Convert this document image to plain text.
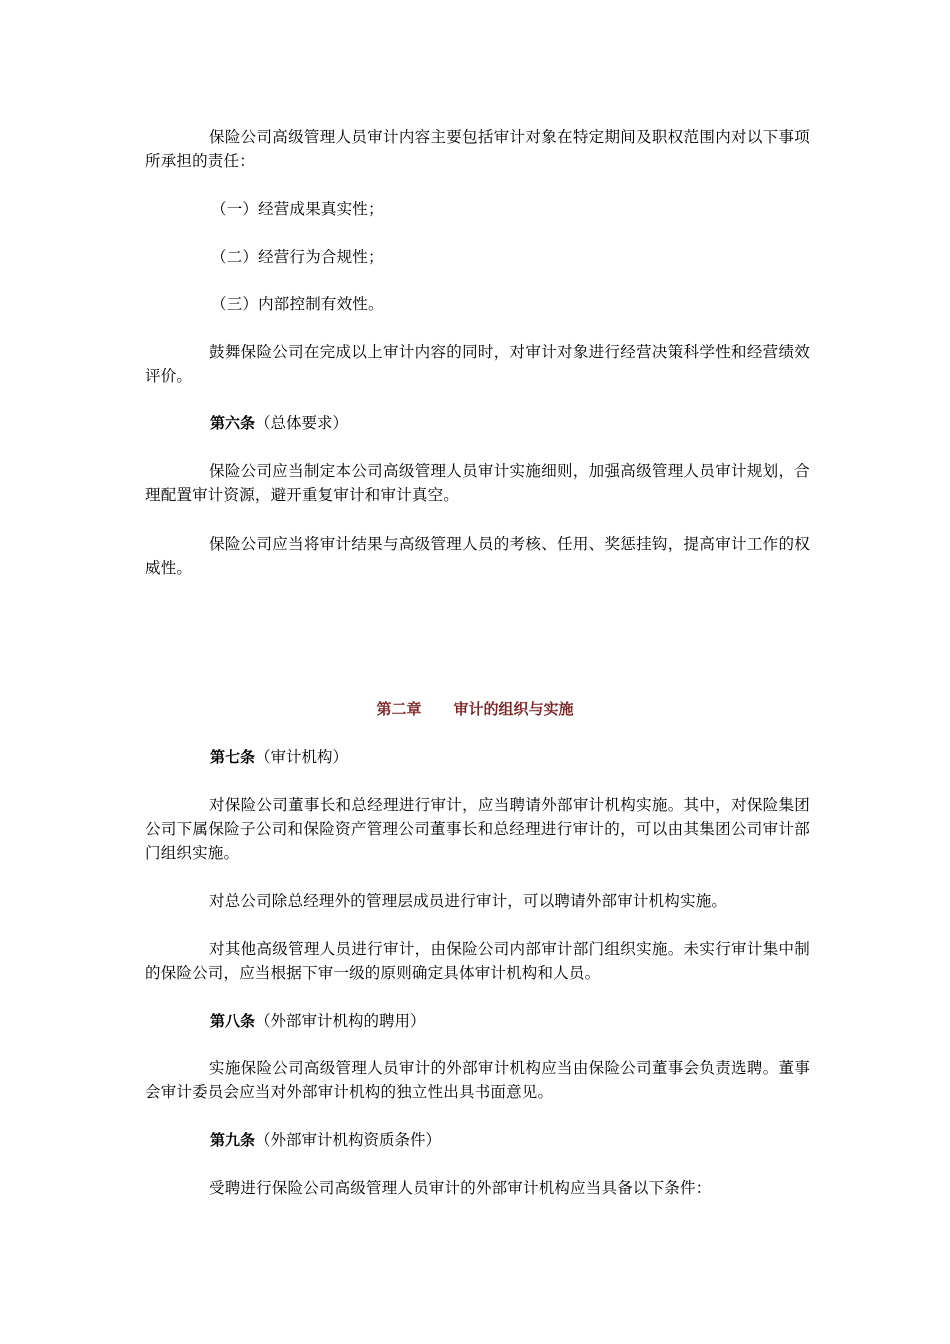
保险公司高级管理人员审计内容主要包括审计对象在特定期间及职权范围内对以下事项所承担的责任：

（一）经营成果真实性；

（二）经营行为合规性；

（三）内部控制有效性。

鼓舞保险公司在完成以上审计内容的同时，对审计对象进行经营决策科学性和经营绩效评价。

第六条（总体要求）

保险公司应当制定本公司高级管理人员审计实施细则，加强高级管理人员审计规划，合理配置审计资源，避开重复审计和审计真空。

保险公司应当将审计结果与高级管理人员的考核、任用、奖惩挂钩，提高审计工作的权威性。

第二章 审计的组织与实施

第七条（审计机构）

对保险公司董事长和总经理进行审计，应当聘请外部审计机构实施。其中，对保险集团公司下属保险子公司和保险资产管理公司董事长和总经理进行审计的，可以由其集团公司审计部门组织实施。

对总公司除总经理外的管理层成员进行审计，可以聘请外部审计机构实施。

对其他高级管理人员进行审计，由保险公司内部审计部门组织实施。未实行审计集中制的保险公司，应当根据下审一级的原则确定具体审计机构和人员。

第八条（外部审计机构的聘用）

实施保险公司高级管理人员审计的外部审计机构应当由保险公司董事会负责选聘。董事会审计委员会应当对外部审计机构的独立性出具书面意见。

第九条（外部审计机构资质条件）

受聘进行保险公司高级管理人员审计的外部审计机构应当具备以下条件：
